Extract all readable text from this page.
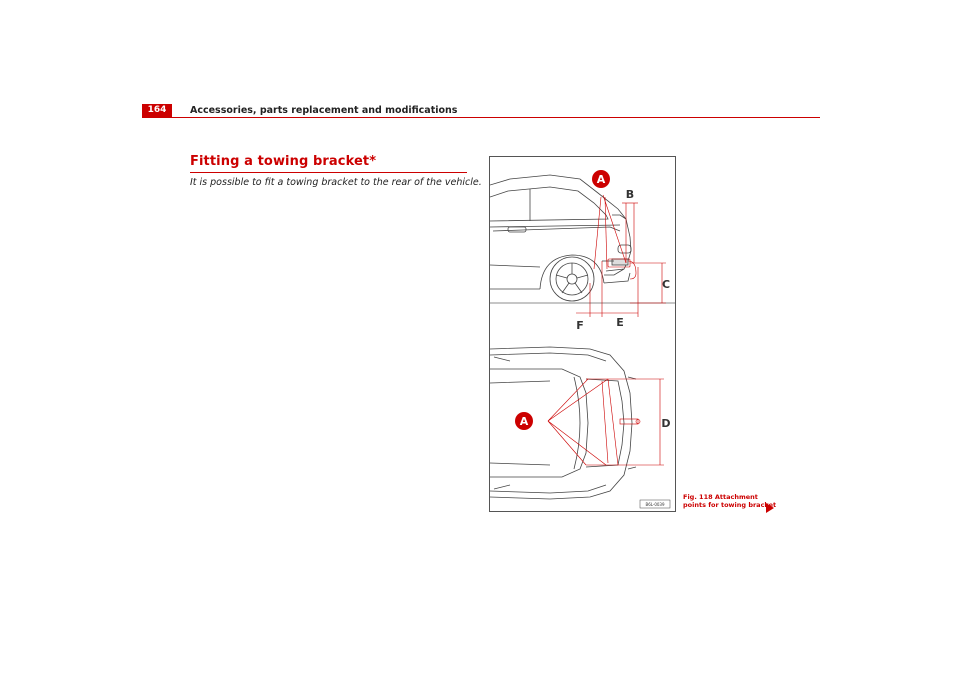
164	Accessories, parts replacement and modifications
Fitting a towing bracket*
It is possible to fit a towing bracket to the rear of the vehicle.	A
B
C
F	E
A	D
B6L-0039
Fig. 118 Attachment
points for towing bracket
